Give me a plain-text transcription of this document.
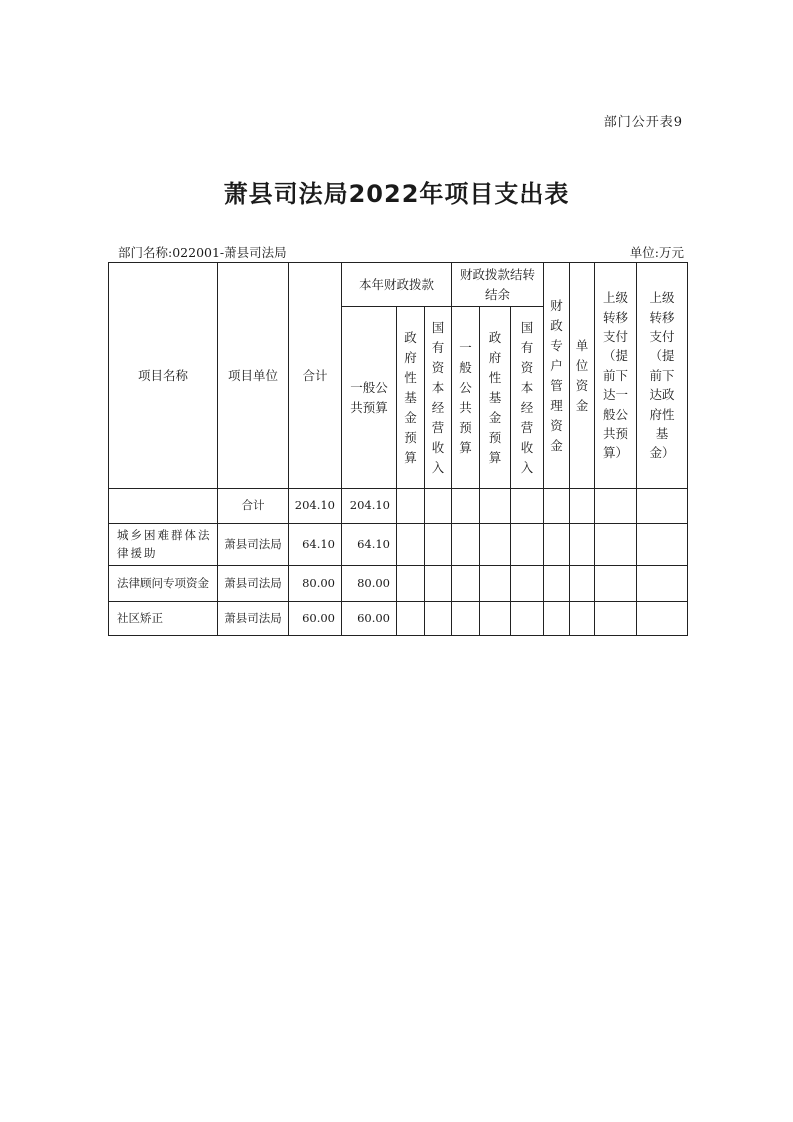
部门公开表9
萧县司法局2022年项目支出表
部门名称:022001-萧县司法局	单位:万元
项目名称	项目单位	合计	本年财政拨款			财政拨款结转结余			财政专户管理资金	单位资金	上级转移支付（提前下达一般公共预算）	上级转移支付（提前下达政府性基金）
			一般公共预算	政府性基金预算	国有资本经营收入	一般公共预算	政府性基金预算	国有资本经营收入				
	合计	204.10	204.10									
城乡困难群体法律援助	萧县司法局	64.10	64.10									
法律顾问专项资金	萧县司法局	80.00	80.00									
社区矫正	萧县司法局	60.00	60.00									
